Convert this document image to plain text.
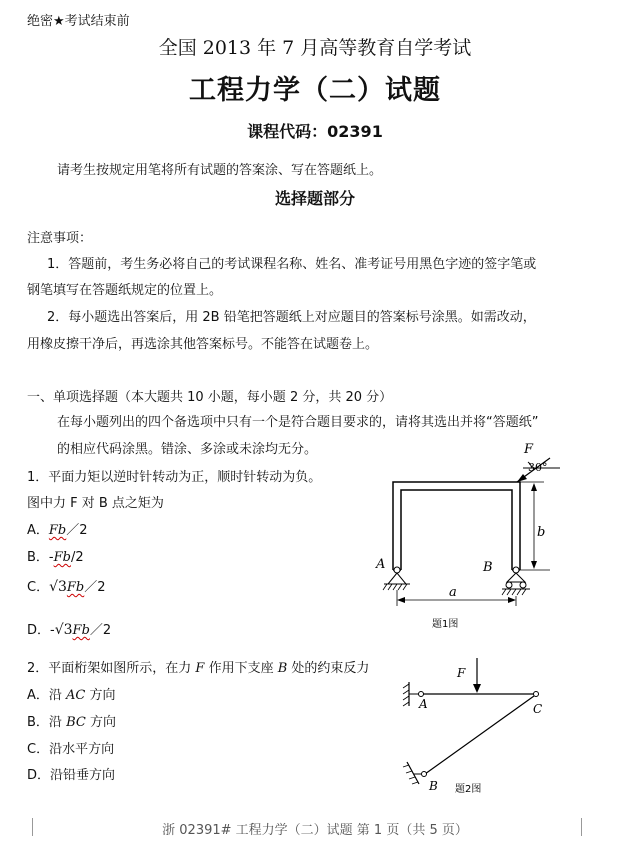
绝密★考试结束前
全国 2013 年 7 月高等教育自学考试
工程力学（二）试题
课程代码：02391
请考生按规定用笔将所有试题的答案涂、写在答题纸上。
选择题部分
注意事项：
1．答题前，考生务必将自己的考试课程名称、姓名、准考证号用黑色字迹的签字笔或
钢笔填写在答题纸规定的位置上。
2．每小题选出答案后，用 2B 铅笔把答题纸上对应题目的答案标号涂黑。如需改动，
用橡皮擦干净后，再选涂其他答案标号。不能答在试题卷上。
一、单项选择题（本大题共 10 小题，每小题 2 分，共 20 分）
在每小题列出的四个备选项中只有一个是符合题目要求的，请将其选出并将“答题纸”
的相应代码涂黑。错涂、多涂或未涂均无分。
1．平面力矩以逆时针转动为正，顺时针转动为负。
图中力 F 对 B 点之矩为
A．Fb／2
B．-Fb/2
C．√3Fb／2
D．-√3Fb／2
F
30°
b
A	B
a
题1图
2．平面桁架如图所示，在力 F 作用下支座 B 处的约束反力
A．沿 AC 方向
B．沿 BC 方向
C．沿水平方向
D．沿铅垂方向
F
A	C
B 题2图
浙 02391# 工程力学（二）试题 第 1 页（共 5 页）
